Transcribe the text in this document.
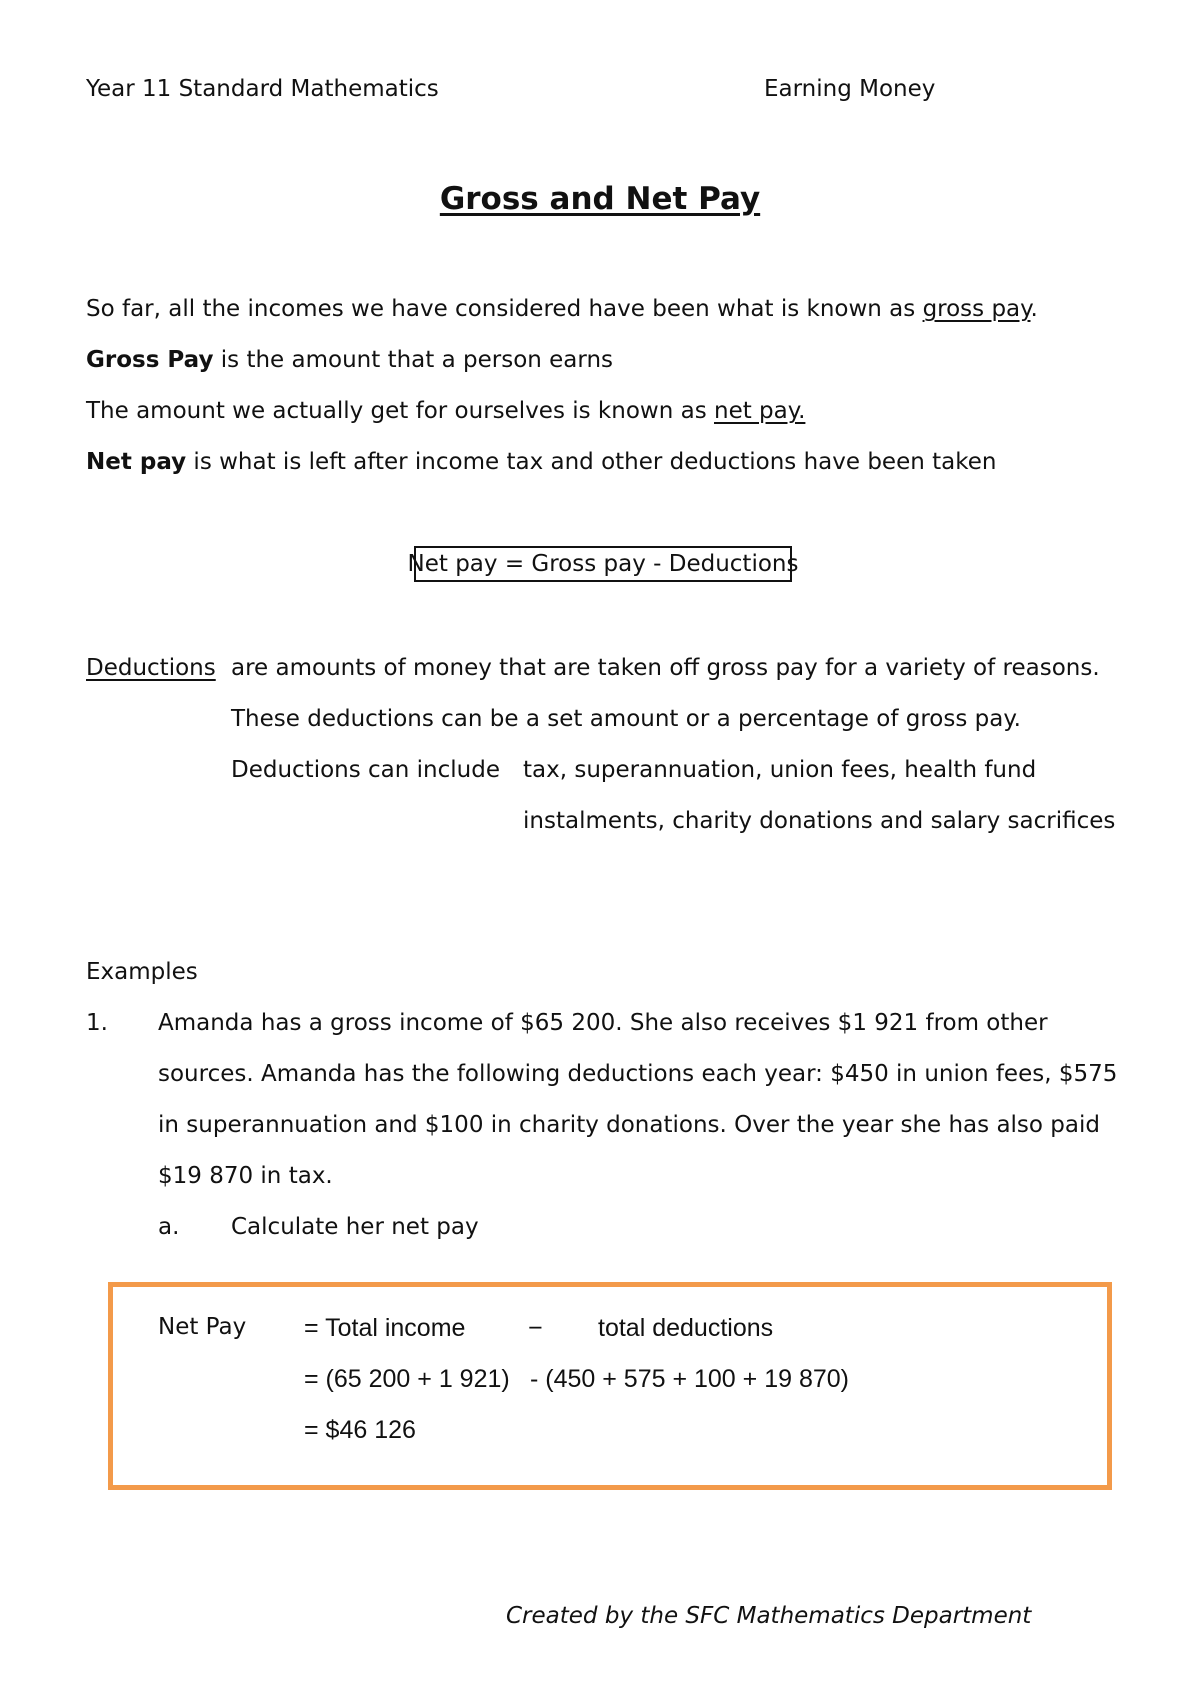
Year 11 Standard Mathematics	Earning Money
Gross and Net Pay
So far, all the incomes we have considered have been what is known as gross pay.
Gross Pay is the amount that a person earns
The amount we actually get for ourselves is known as net pay.
Net pay is what is left after income tax and other deductions have been taken
Net pay = Gross pay - Deductions
Deductions are amounts of money that are taken off gross pay for a variety of reasons.
These deductions can be a set amount or a percentage of gross pay.
Deductions can include tax, superannuation, union fees, health fund
instalments, charity donations and salary sacrifices
Examples
1. Amanda has a gross income of $65 200. She also receives $1 921 from other
sources. Amanda has the following deductions each year: $450 in union fees, $575
in superannuation and $100 in charity donations. Over the year she has also paid
$19 870 in tax.
a. Calculate her net pay
Net Pay = Total income	− total deductions
= (65 200 + 1 921) - (450 + 575 + 100 + 19 870)
= $46 126
Created by the SFC Mathematics Department
